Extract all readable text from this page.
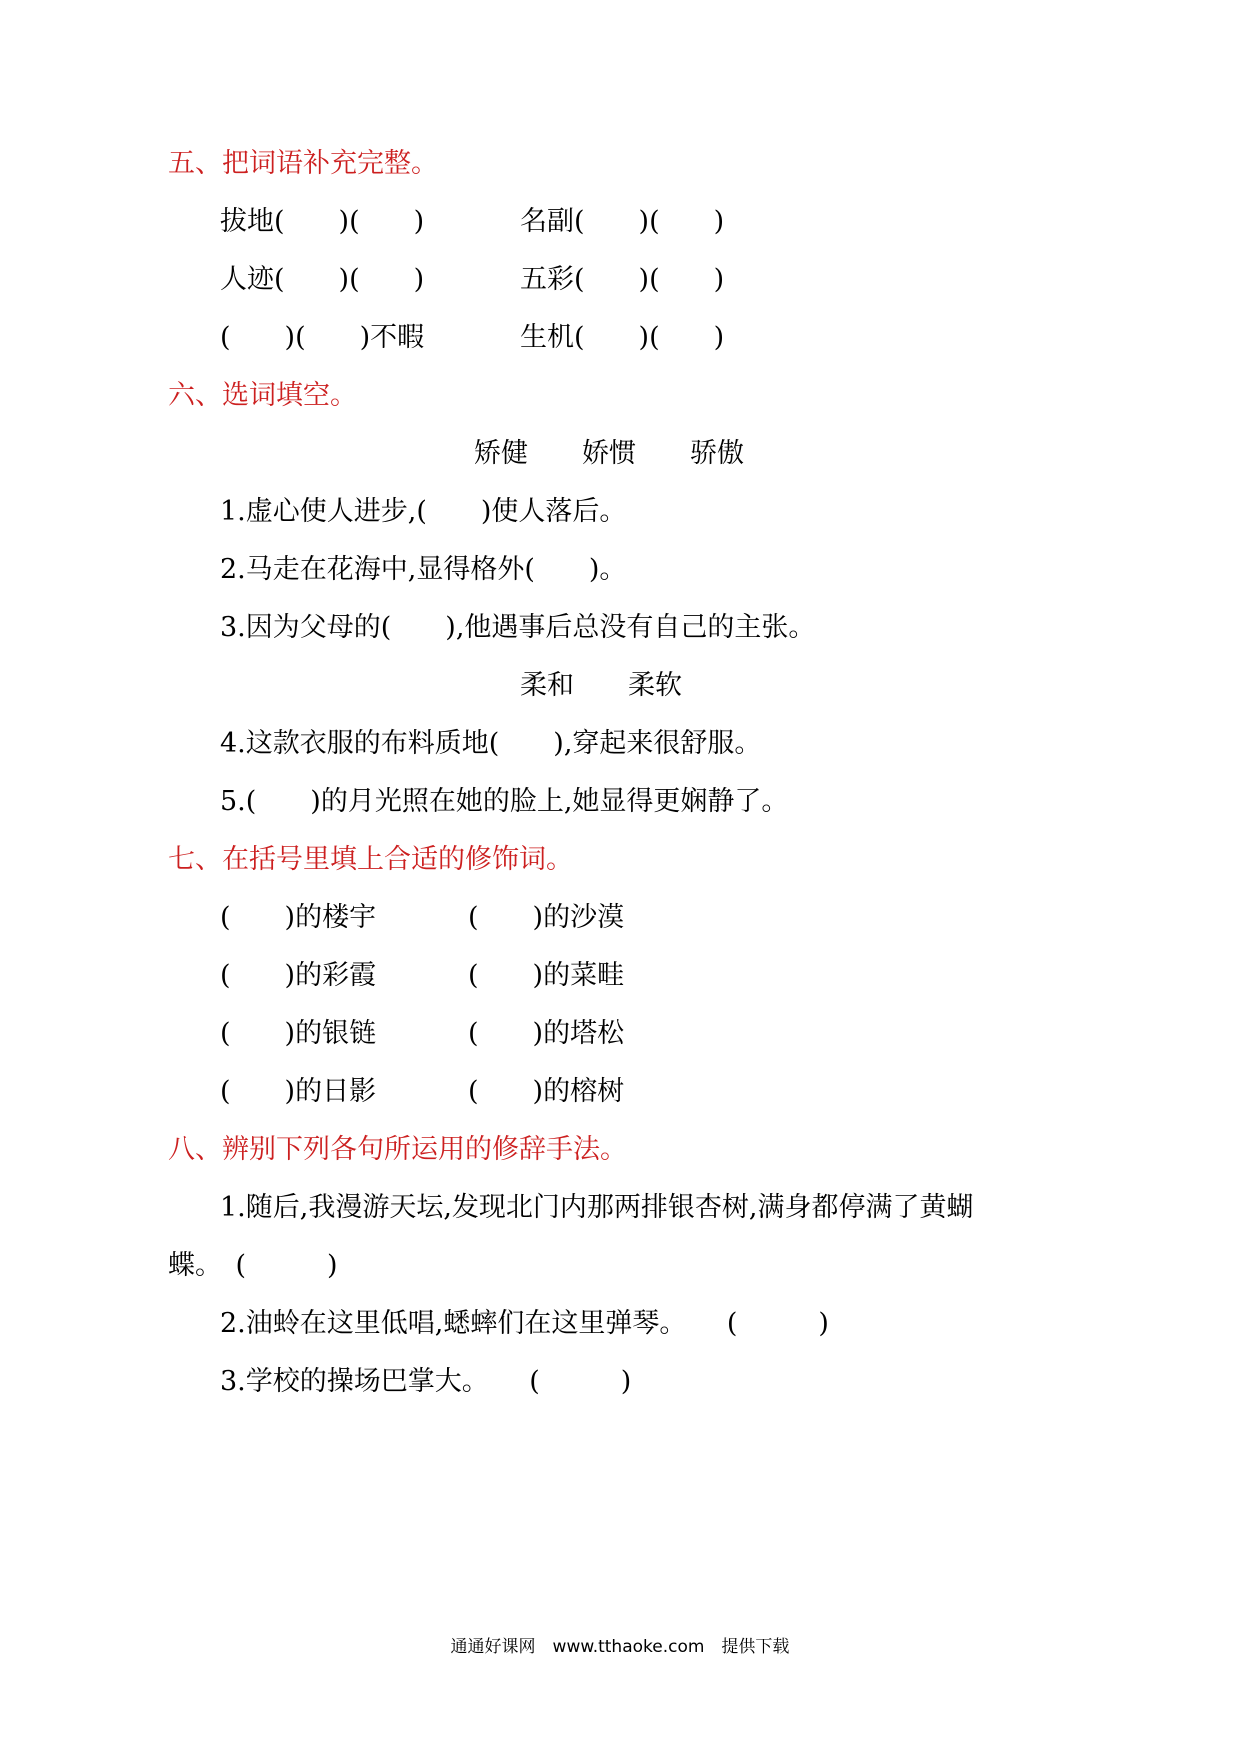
五、把词语补充完整。
拔地(　　)(　　)	名副(　　)(　　)
人迹(　　)(　　)	五彩(　　)(　　)
(　　)(　　)不暇	生机(　　)(　　)
六、选词填空。
矫健　　娇惯　　骄傲
1.虚心使人进步,(　　)使人落后。
2.马走在花海中,显得格外(　　)。
3.因为父母的(　　),他遇事后总没有自己的主张。
柔和　　柔软
4.这款衣服的布料质地(　　),穿起来很舒服。
5.(　　)的月光照在她的脸上,她显得更娴静了。
七、在括号里填上合适的修饰词。
(　　)的楼宇	(　　)的沙漠
(　　)的彩霞	(　　)的菜畦
(　　)的银链	(　　)的塔松
(　　)的日影	(　　)的榕树
八、辨别下列各句所运用的修辞手法。
1.随后,我漫游天坛,发现北门内那两排银杏树,满身都停满了黄蝴
蝶。　(　　　)
2.油蛉在这里低唱,蟋蟀们在这里弹琴。　　(　　　)
3.学校的操场巴掌大。　　(　　　)
通通好课网　www.tthaoke.com　提供下载
